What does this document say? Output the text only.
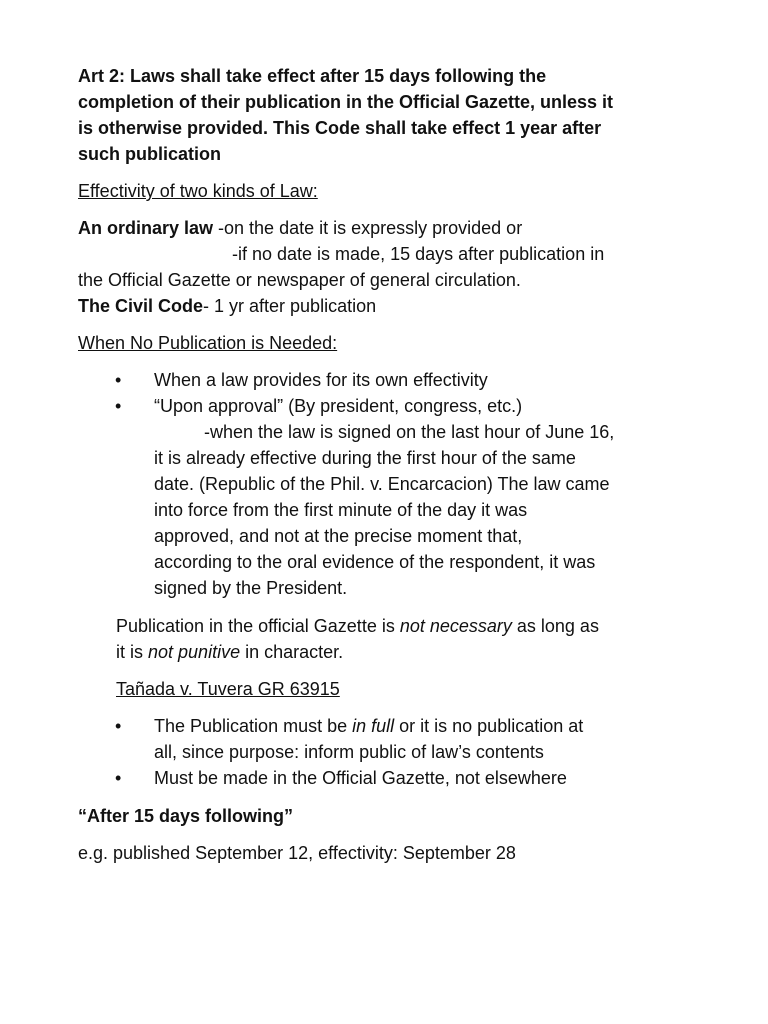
Art 2: Laws shall take effect after 15 days following the
completion of their publication in the Official Gazette, unless it
is otherwise provided. This Code shall take effect 1 year after
such publication

Effectivity of two kinds of Law:

An ordinary law -on the date it is expressly provided or
-if no date is made, 15 days after publication in
the Official Gazette or newspaper of general circulation.
The Civil Code- 1 yr after publication

When No Publication is Needed:

• When a law provides for its own effectivity
• “Upon approval” (By president, congress, etc.)
-when the law is signed on the last hour of June 16,
it is already effective during the first hour of the same
date. (Republic of the Phil. v. Encarcacion) The law came
into force from the first minute of the day it was
approved, and not at the precise moment that,
according to the oral evidence of the respondent, it was
signed by the President.

Publication in the official Gazette is not necessary as long as
it is not punitive in character.

Tañada v. Tuvera GR 63915

• The Publication must be in full or it is no publication at
all, since purpose: inform public of law’s contents
• Must be made in the Official Gazette, not elsewhere

“After 15 days following”

e.g. published September 12, effectivity: September 28
